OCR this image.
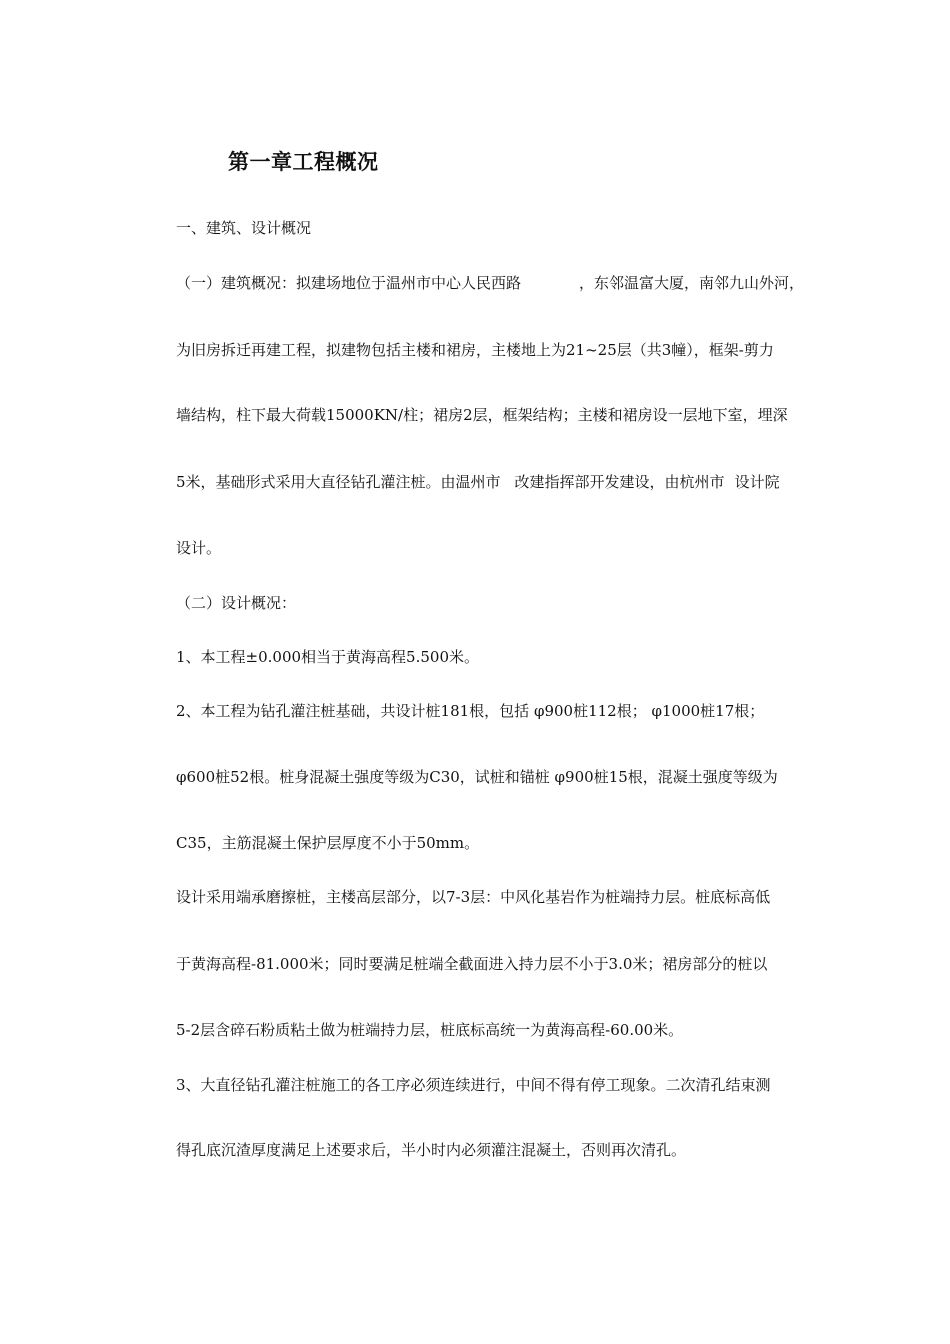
第一章工程概况
一、建筑、设计概况
（一）建筑概况：拟建场地位于温州市中心人民西路	，东邻温富大厦，南邻九山外河，
为旧房拆迁再建工程，拟建物包括主楼和裙房，主楼地上为21~25层（共3幢），框架-剪力
墙结构，柱下最大荷载15000KN/柱；裙房2层，框架结构；主楼和裙房设一层地下室，埋深
5米，基础形式采用大直径钻孔灌注桩。由温州市 改建指挥部开发建设，由杭州市 设计院
设计。
（二）设计概况：
1、本工程±0.000相当于黄海高程5.500米。
2、本工程为钻孔灌注桩基础，共设计桩181根，包括 φ900桩112根； φ1000桩17根；
φ600桩52根。桩身混凝土强度等级为C30，试桩和锚桩 φ900桩15根，混凝土强度等级为
C35，主筋混凝土保护层厚度不小于50mm。
设计采用端承磨擦桩，主楼高层部分，以7-3层：中风化基岩作为桩端持力层。桩底标高低
于黄海高程-81.000米；同时要满足桩端全截面进入持力层不小于3.0米；裙房部分的桩以
5-2层含碎石粉质粘土做为桩端持力层，桩底标高统一为黄海高程-60.00米。
3、大直径钻孔灌注桩施工的各工序必须连续进行，中间不得有停工现象。二次清孔结束测
得孔底沉渣厚度满足上述要求后，半小时内必须灌注混凝土，否则再次清孔。
